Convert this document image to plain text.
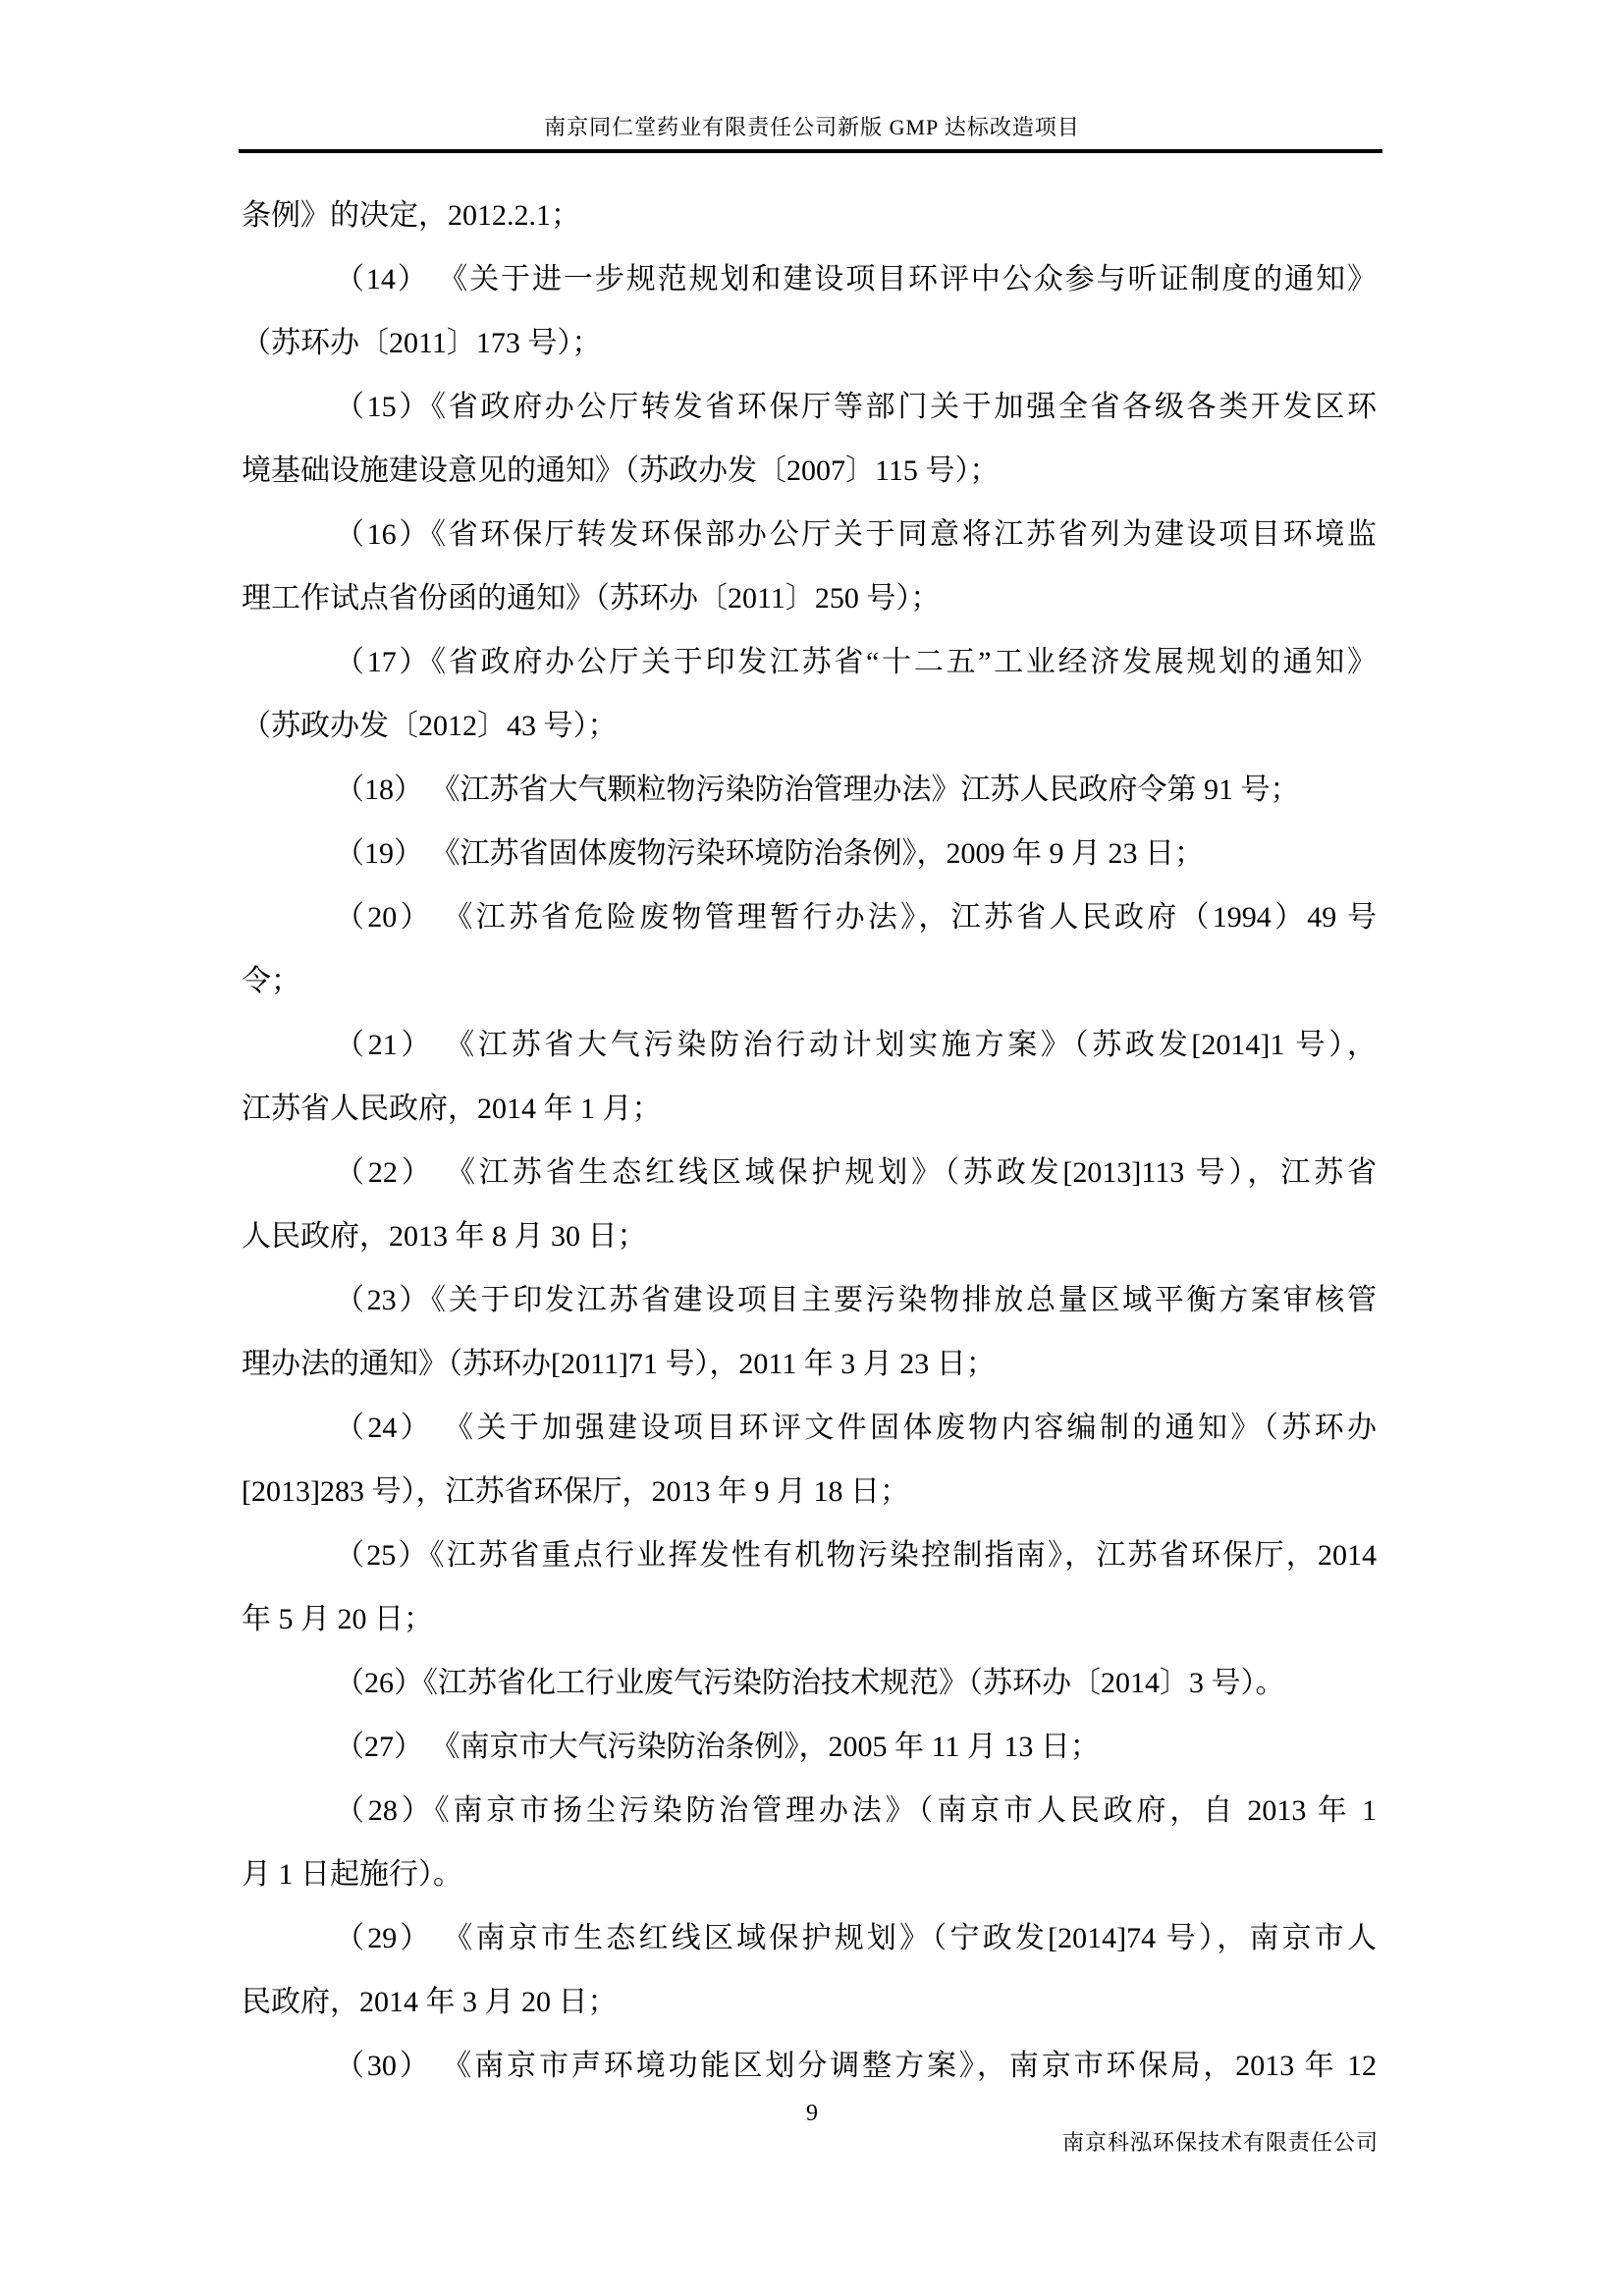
南京同仁堂药业有限责任公司新版 GMP 达标改造项目
条例》的决定，2012.2.1；
（14） 《关于进一步规范规划和建设项目环评中公众参与听证制度的通知》
（苏环办〔2011〕173 号）；
（15）《省政府办公厅转发省环保厅等部门关于加强全省各级各类开发区环
境基础设施建设意见的通知》（苏政办发〔2007〕115 号）；
（16）《省环保厅转发环保部办公厅关于同意将江苏省列为建设项目环境监
理工作试点省份函的通知》（苏环办〔2011〕250 号）；
（17）《省政府办公厅关于印发江苏省“十二五”工业经济发展规划的通知》
（苏政办发〔2012〕43 号）；
（18） 《江苏省大气颗粒物污染防治管理办法》江苏人民政府令第 91 号；
（19） 《江苏省固体废物污染环境防治条例》，2009 年 9 月 23 日；
（20） 《江苏省危险废物管理暂行办法》，江苏省人民政府（1994）49 号
令；
（21） 《江苏省大气污染防治行动计划实施方案》（苏政发[2014]1 号），
江苏省人民政府，2014 年 1 月；
（22） 《江苏省生态红线区域保护规划》（苏政发[2013]113 号），江苏省
人民政府，2013 年 8 月 30 日；
（23）《关于印发江苏省建设项目主要污染物排放总量区域平衡方案审核管
理办法的通知》（苏环办[2011]71 号），2011 年 3 月 23 日；
（24） 《关于加强建设项目环评文件固体废物内容编制的通知》（苏环办
[2013]283 号），江苏省环保厅，2013 年 9 月 18 日；
（25）《江苏省重点行业挥发性有机物污染控制指南》，江苏省环保厅，2014
年 5 月 20 日；
（26）《江苏省化工行业废气污染防治技术规范》（苏环办〔2014〕3 号）。
（27） 《南京市大气污染防治条例》，2005 年 11 月 13 日；
（28）《南京市扬尘污染防治管理办法》（南京市人民政府，自 2013 年 1
月 1 日起施行）。
（29） 《南京市生态红线区域保护规划》（宁政发[2014]74 号），南京市人
民政府，2014 年 3 月 20 日；
（30） 《南京市声环境功能区划分调整方案》，南京市环保局，2013 年 12
9
南京科泓环保技术有限责任公司
